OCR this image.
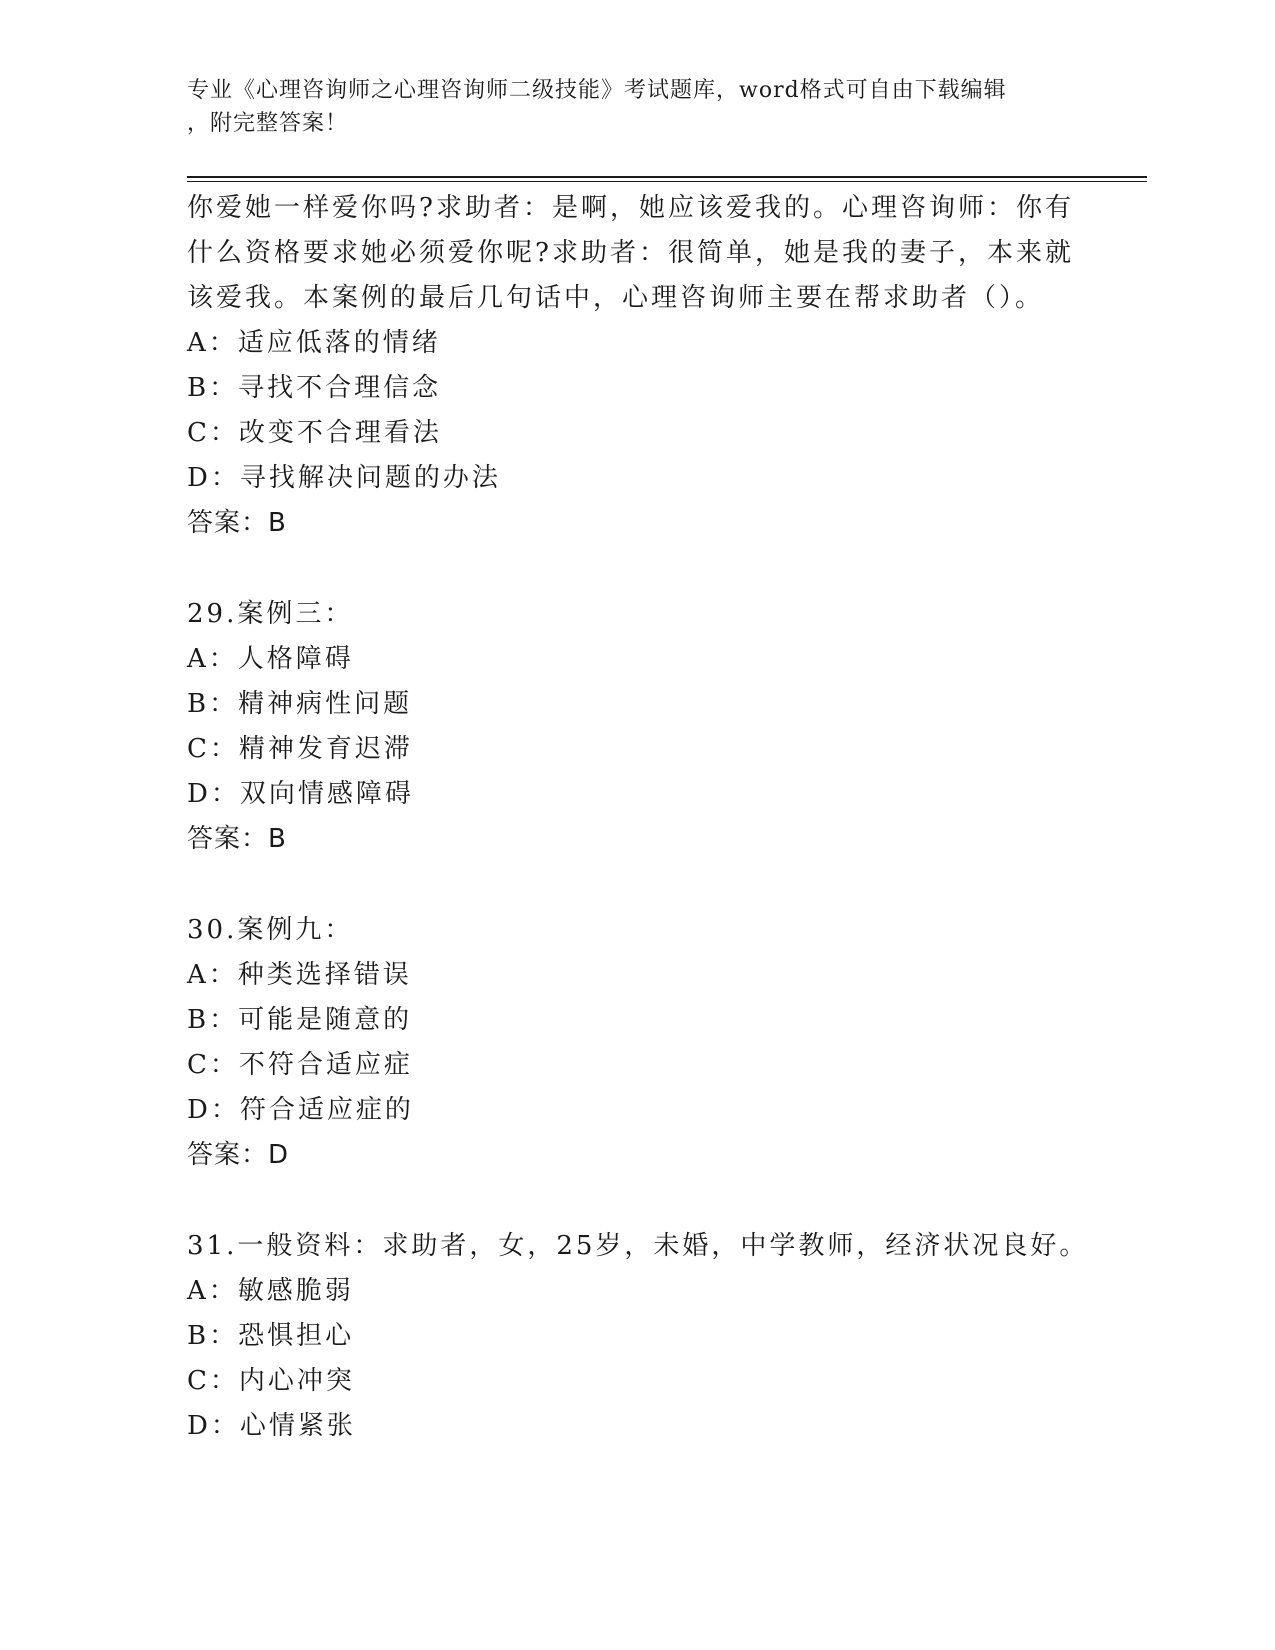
专业《心理咨询师之心理咨询师二级技能》考试题库，word格式可自由下载编辑
，附完整答案！
你爱她一样爱你吗?求助者：是啊，她应该爱我的。心理咨询师：你有
什么资格要求她必须爱你呢?求助者：很简单，她是我的妻子，本来就
该爱我。本案例的最后几句话中，心理咨询师主要在帮求助者（）。
A：适应低落的情绪
B：寻找不合理信念
C：改变不合理看法
D：寻找解决问题的办法
答案：B
29.案例三：
A：人格障碍
B：精神病性问题
C：精神发育迟滞
D：双向情感障碍
答案：B
30.案例九：
A：种类选择错误
B：可能是随意的
C：不符合适应症
D：符合适应症的
答案：D
31.一般资料：求助者，女，25岁，未婚，中学教师，经济状况良好。
A：敏感脆弱
B：恐惧担心
C：内心冲突
D：心情紧张
